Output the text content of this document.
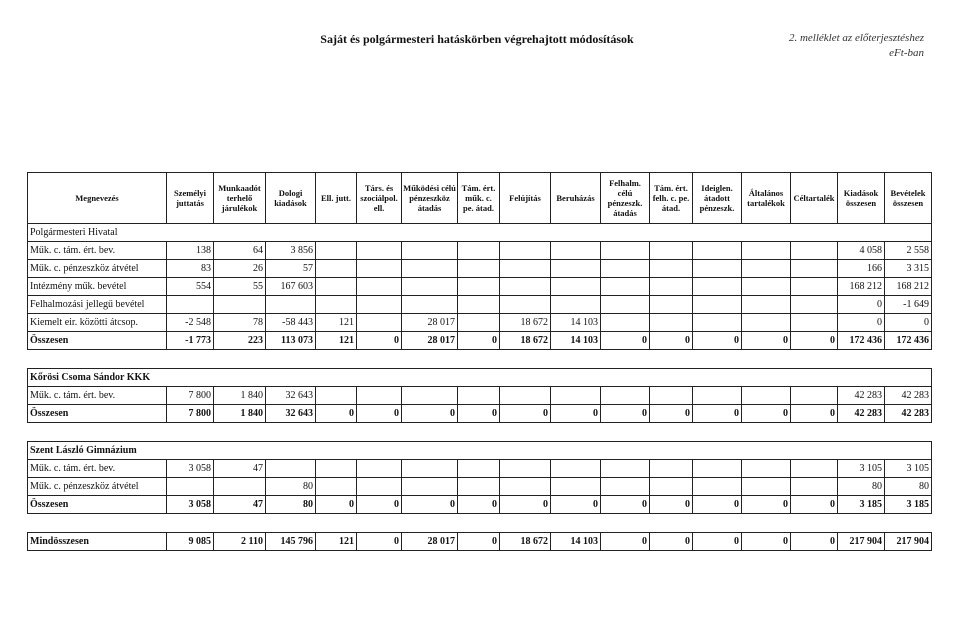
Saját és polgármesteri hatáskörben végrehajtott módosítások	2. melléklet az előterjesztéshez
eFt-ban
Megnevezés	Személyi juttatás	Munkaadót terhelő járulékok	Dologi kiadások	Ell. jutt.	Társ. és szociálpol. ell.	Működési célú pénzeszköz átadás	Tám. ért. műk. c. pe. átad.	Felújítás	Beruházás	Felhalm. célú pénzeszk. átadás	Tám. ért. felh. c. pe. átad.	Ideiglen. átadott pénzeszk.	Általános tartalékok	Céltartalék	Kiadások összesen	Bevételek összesen
Polgármesteri Hivatal																
Műk. c. tám. ért. bev.	138	64	3 856												4 058	2 558
Műk. c. pénzeszköz átvétel	83	26	57												166	3 315
Intézmény műk. bevétel	554	55	167 603												168 212	168 212
Felhalmozási jellegű bevétel															0	-1 649
Kiemelt eir. közötti átcsop.	-2 548	78	-58 443	121		28 017		18 672	14 103						0	0
Összesen	-1 773	223	113 073	121	0	28 017	0	18 672	14 103	0	0	0	0	0	172 436	172 436

Kőrösi Csoma Sándor KKK																
Műk. c. tám. ért. bev.	7 800	1 840	32 643												42 283	42 283
Összesen	7 800	1 840	32 643	0	0	0	0	0	0	0	0	0	0	0	42 283	42 283

Szent László Gimnázium																
Műk. c. tám. ért. bev.	3 058	47													3 105	3 105
Műk. c. pénzeszköz átvétel			80												80	80
Összesen	3 058	47	80	0	0	0	0	0	0	0	0	0	0	0	3 185	3 185

Mindösszesen	9 085	2 110	145 796	121	0	28 017	0	18 672	14 103	0	0	0	0	0	217 904	217 904
